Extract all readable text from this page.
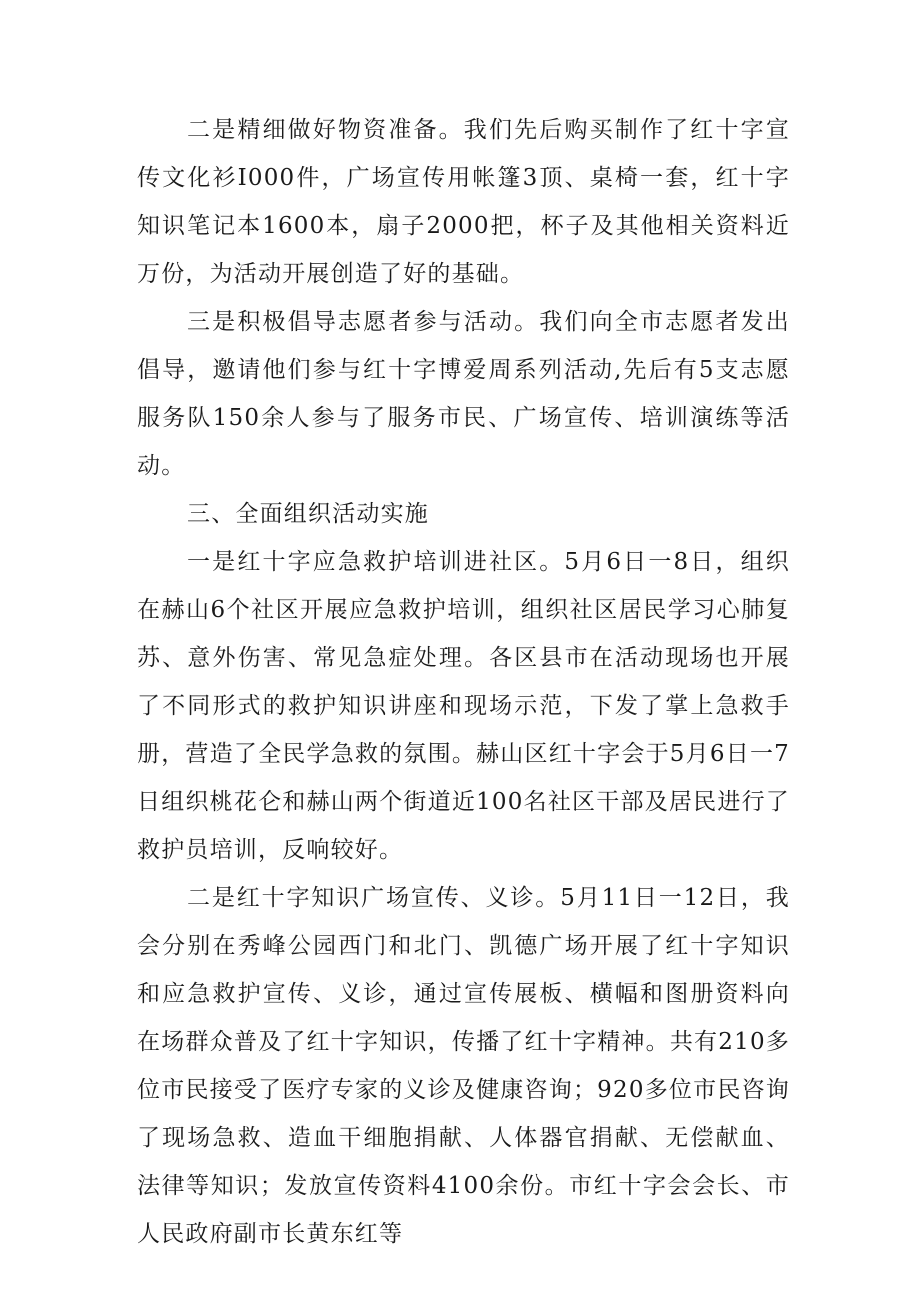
二是精细做好物资准备。我们先后购买制作了红十字宣传文化衫I000件，广场宣传用帐篷3顶、桌椅一套，红十字知识笔记本1600本，扇子2000把，杯子及其他相关资料近万份，为活动开展创造了好的基础。

三是积极倡导志愿者参与活动。我们向全市志愿者发出倡导，邀请他们参与红十字博爱周系列活动,先后有5支志愿服务队150余人参与了服务市民、广场宣传、培训演练等活动。

三、全面组织活动实施

一是红十字应急救护培训进社区。5月6日一8日，组织在赫山6个社区开展应急救护培训，组织社区居民学习心肺复苏、意外伤害、常见急症处理。各区县市在活动现场也开展了不同形式的救护知识讲座和现场示范，下发了掌上急救手册，营造了全民学急救的氛围。赫山区红十字会于5月6日一7日组织桃花仑和赫山两个街道近100名社区干部及居民进行了救护员培训，反响较好。

二是红十字知识广场宣传、义诊。5月11日一12日，我会分别在秀峰公园西门和北门、凯德广场开展了红十字知识和应急救护宣传、义诊，通过宣传展板、横幅和图册资料向在场群众普及了红十字知识，传播了红十字精神。共有210多位市民接受了医疗专家的义诊及健康咨询；920多位市民咨询了现场急救、造血干细胞捐献、人体器官捐献、无偿献血、法律等知识；发放宣传资料4100余份。市红十字会会长、市人民政府副市长黄东红等
